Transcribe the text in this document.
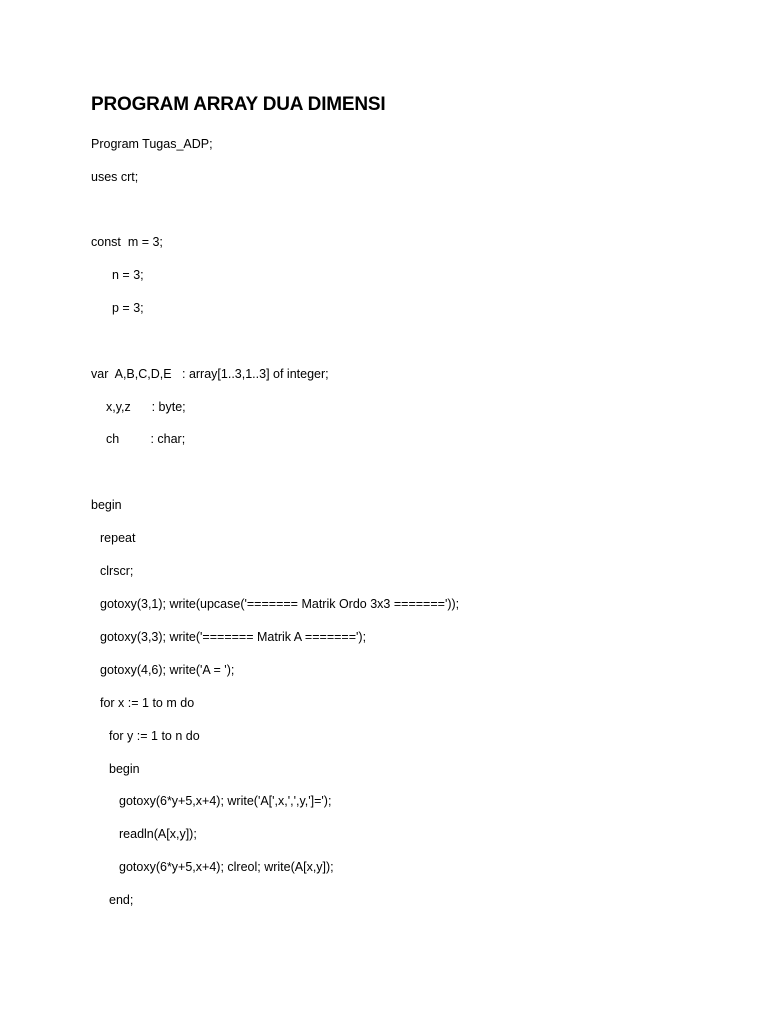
PROGRAM ARRAY DUA DIMENSI
Program Tugas_ADP;
uses crt;
const  m = 3;
n = 3;
p = 3;
var  A,B,C,D,E   : array[1..3,1..3] of integer;
x,y,z      : byte;
ch         : char;
begin
repeat
clrscr;
gotoxy(3,1); write(upcase('======= Matrik Ordo 3x3 ======='));
gotoxy(3,3); write('======= Matrik A =======');
gotoxy(4,6); write('A = ');
for x := 1 to m do
for y := 1 to n do
begin
gotoxy(6*y+5,x+4); write('A[',x,',',y,']=');
readln(A[x,y]);
gotoxy(6*y+5,x+4); clreol; write(A[x,y]);
end;
